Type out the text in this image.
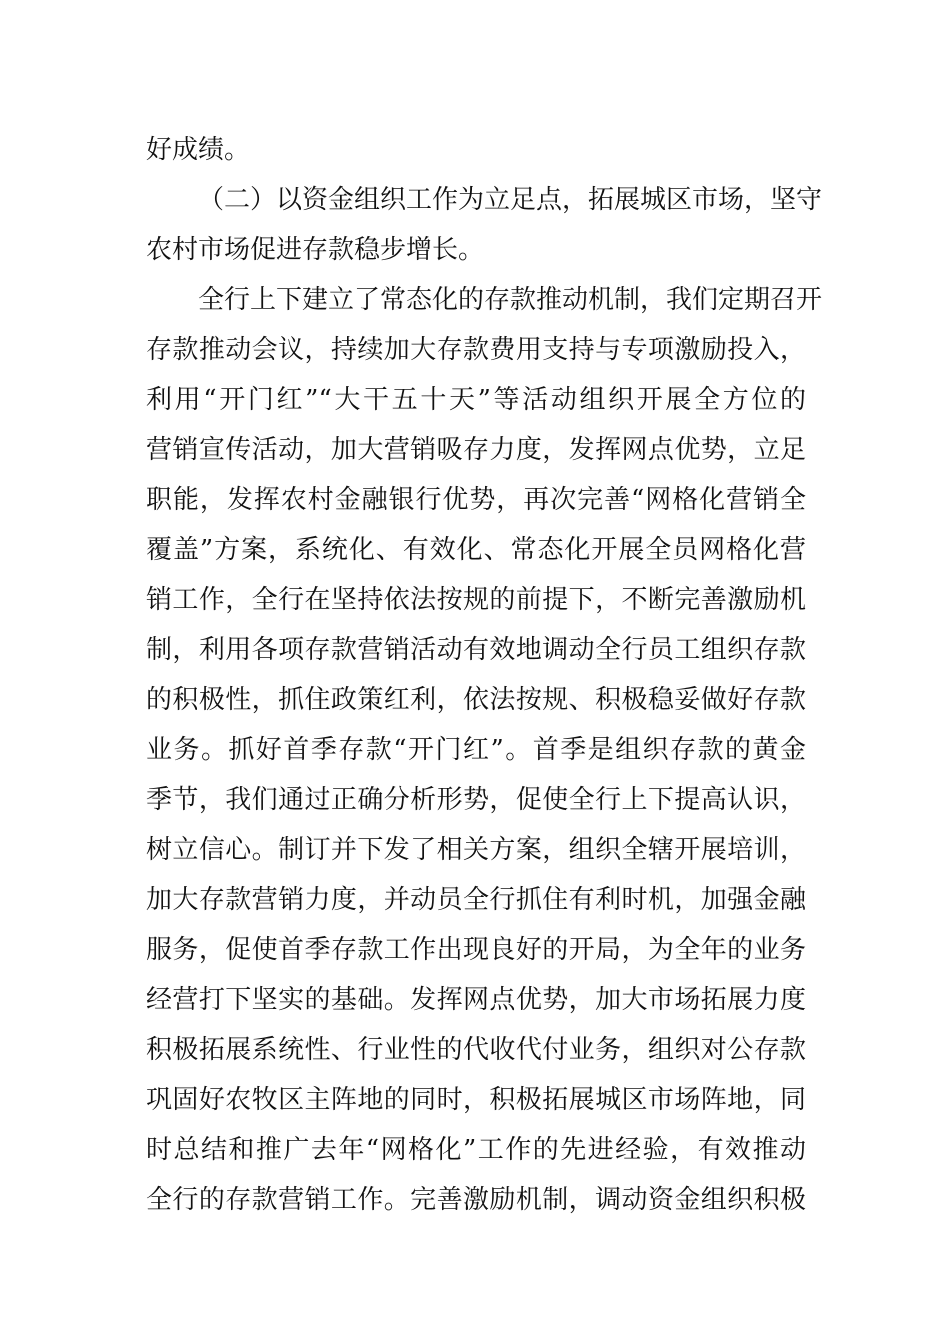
好成绩。
（二）以资金组织工作为立足点，拓展城区市场，坚守
农村市场促进存款稳步增长。
全行上下建立了常态化的存款推动机制，我们定期召开
存款推动会议，持续加大存款费用支持与专项激励投入，
利用“开门红”“大干五十天”等活动组织开展全方位的
营销宣传活动，加大营销吸存力度，发挥网点优势，立足
职能，发挥农村金融银行优势，再次完善“网格化营销全
覆盖”方案，系统化、有效化、常态化开展全员网格化营
销工作，全行在坚持依法按规的前提下，不断完善激励机
制，利用各项存款营销活动有效地调动全行员工组织存款
的积极性，抓住政策红利，依法按规、积极稳妥做好存款
业务。抓好首季存款“开门红”。首季是组织存款的黄金
季节，我们通过正确分析形势，促使全行上下提高认识，
树立信心。制订并下发了相关方案，组织全辖开展培训，
加大存款营销力度，并动员全行抓住有利时机，加强金融
服务，促使首季存款工作出现良好的开局，为全年的业务
经营打下坚实的基础。发挥网点优势，加大市场拓展力度
积极拓展系统性、行业性的代收代付业务，组织对公存款
巩固好农牧区主阵地的同时，积极拓展城区市场阵地，同
时总结和推广去年“网格化”工作的先进经验，有效推动
全行的存款营销工作。完善激励机制，调动资金组织积极
